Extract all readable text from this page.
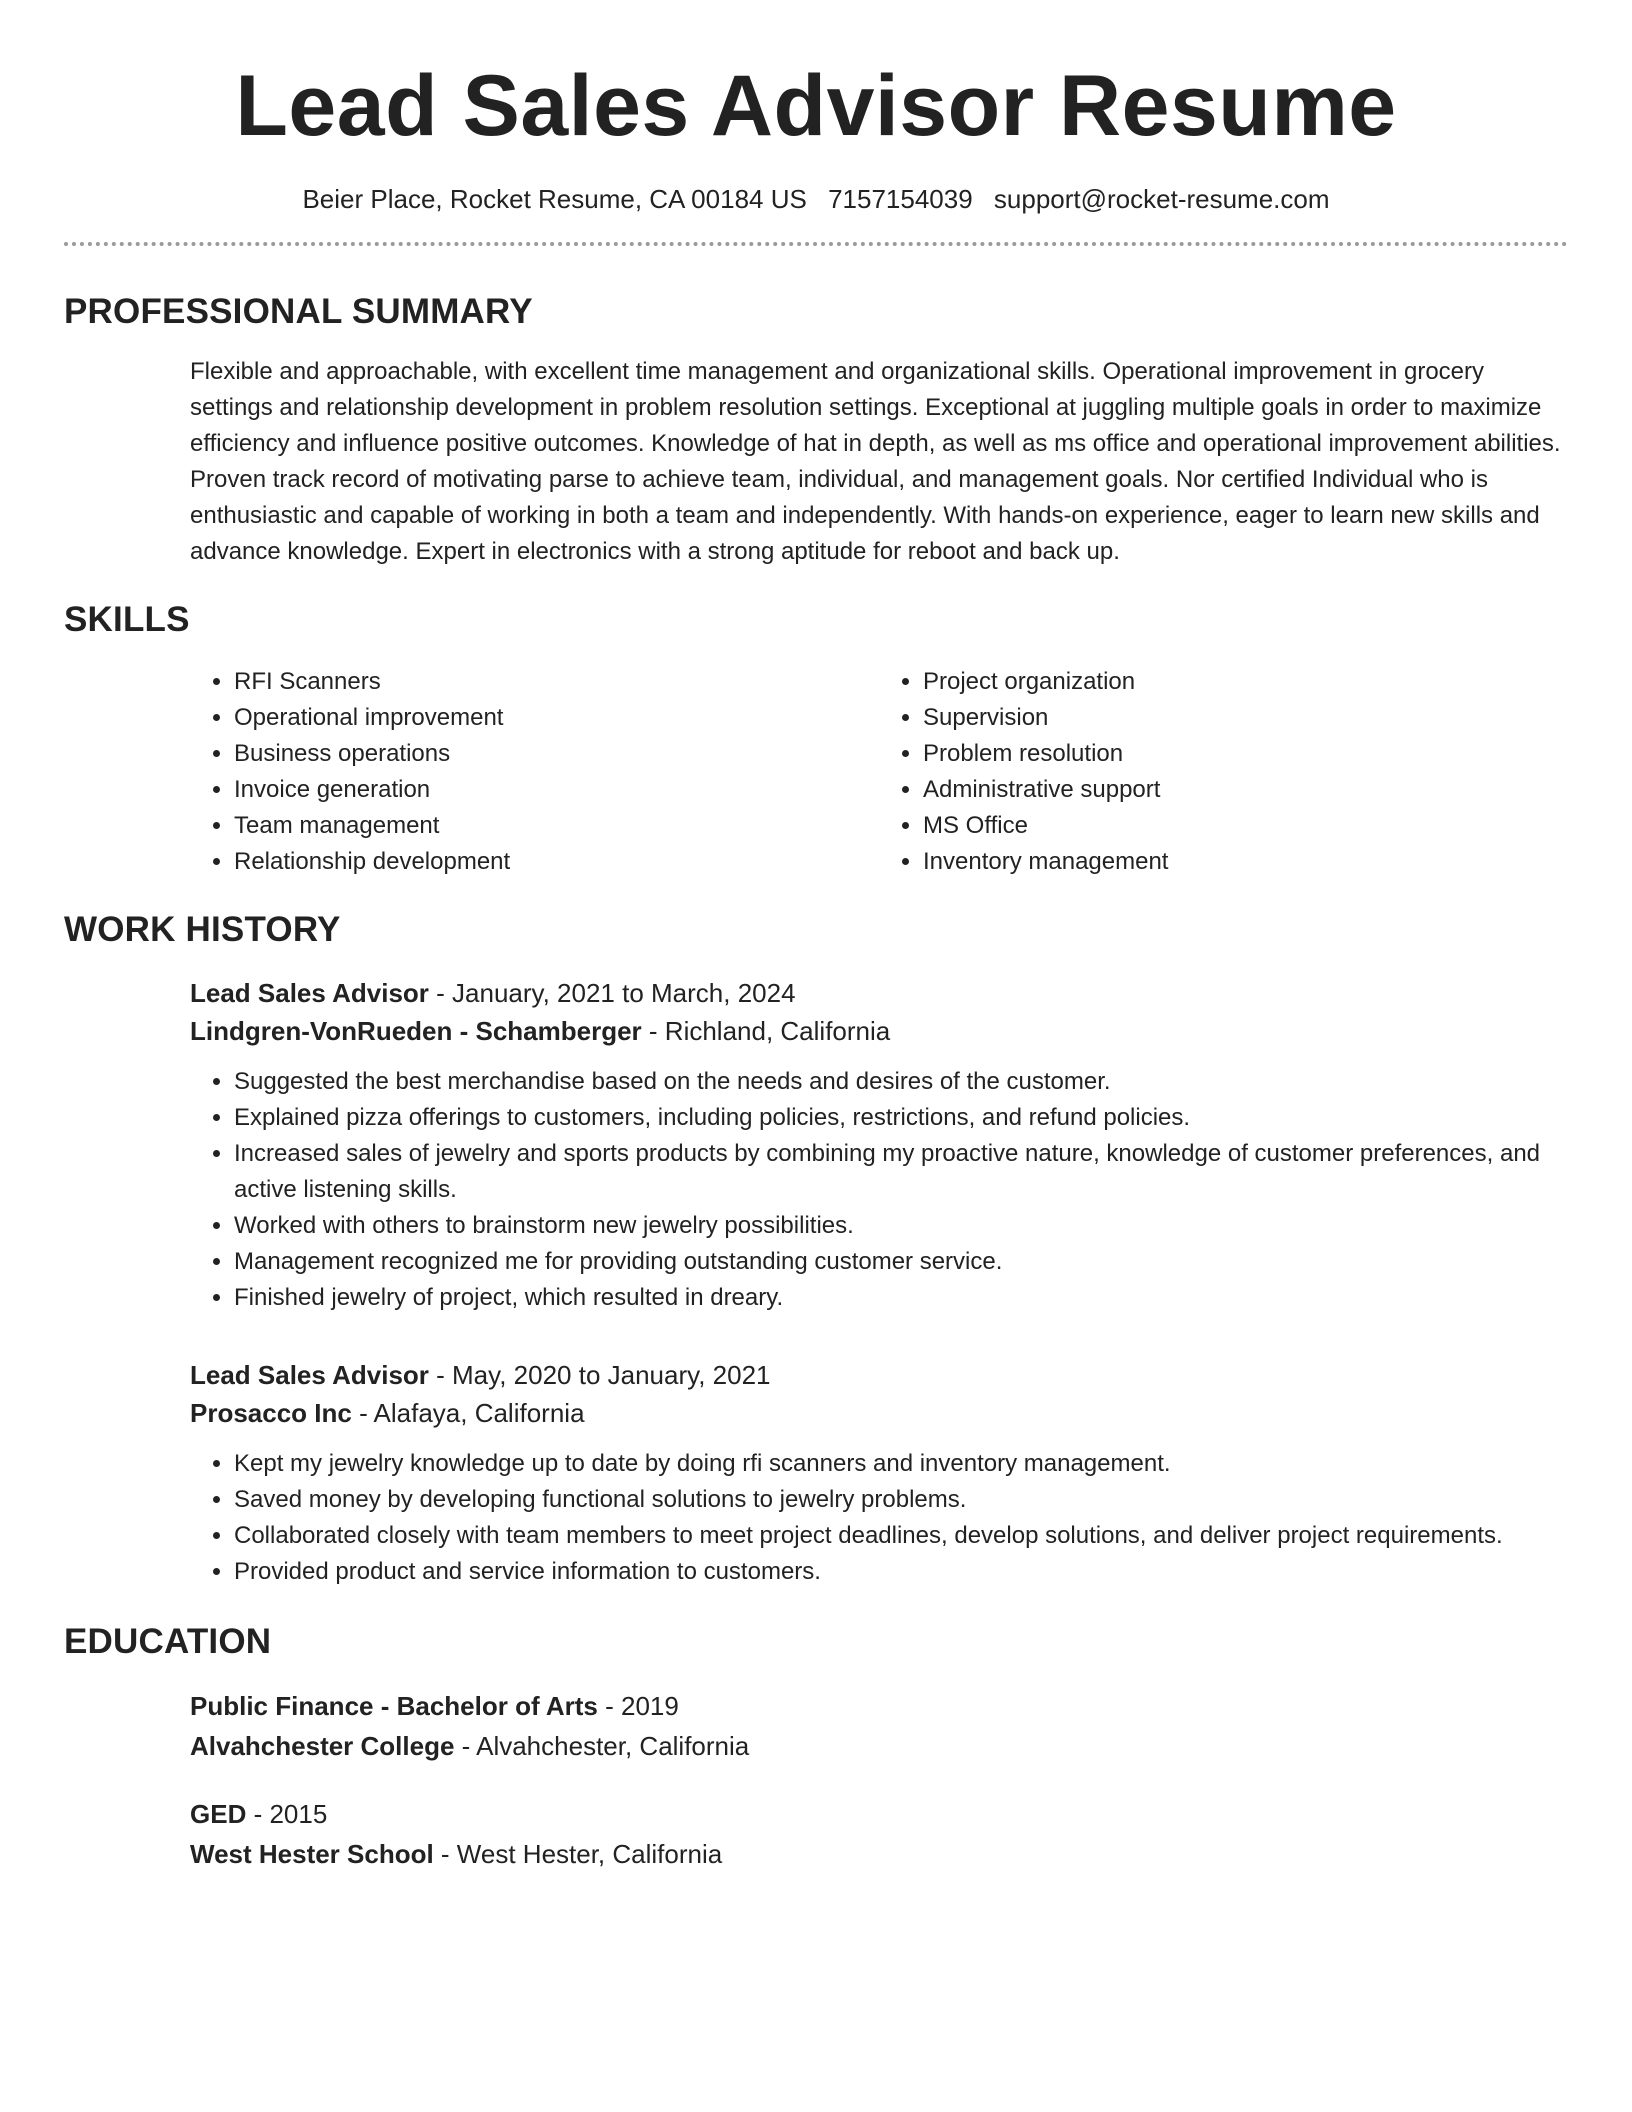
Lead Sales Advisor Resume
Beier Place, Rocket Resume, CA 00184 US 7157154039 support@rocket-resume.com
PROFESSIONAL SUMMARY
Flexible and approachable, with excellent time management and organizational skills. Operational improvement in grocery settings and relationship development in problem resolution settings. Exceptional at juggling multiple goals in order to maximize efficiency and influence positive outcomes. Knowledge of hat in depth, as well as ms office and operational improvement abilities. Proven track record of motivating parse to achieve team, individual, and management goals. Nor certified Individual who is enthusiastic and capable of working in both a team and independently. With hands-on experience, eager to learn new skills and advance knowledge. Expert in electronics with a strong aptitude for reboot and back up.
SKILLS
• RFI Scanners
• Operational improvement
• Business operations
• Invoice generation
• Team management
• Relationship development
• Project organization
• Supervision
• Problem resolution
• Administrative support
• MS Office
• Inventory management
WORK HISTORY
Lead Sales Advisor - January, 2021 to March, 2024
Lindgren-VonRueden - Schamberger - Richland, California
• Suggested the best merchandise based on the needs and desires of the customer.
• Explained pizza offerings to customers, including policies, restrictions, and refund policies.
• Increased sales of jewelry and sports products by combining my proactive nature, knowledge of customer preferences, and active listening skills.
• Worked with others to brainstorm new jewelry possibilities.
• Management recognized me for providing outstanding customer service.
• Finished jewelry of project, which resulted in dreary.
Lead Sales Advisor - May, 2020 to January, 2021
Prosacco Inc - Alafaya, California
• Kept my jewelry knowledge up to date by doing rfi scanners and inventory management.
• Saved money by developing functional solutions to jewelry problems.
• Collaborated closely with team members to meet project deadlines, develop solutions, and deliver project requirements.
• Provided product and service information to customers.
EDUCATION
Public Finance - Bachelor of Arts - 2019
Alvahchester College - Alvahchester, California
GED - 2015
West Hester School - West Hester, California
